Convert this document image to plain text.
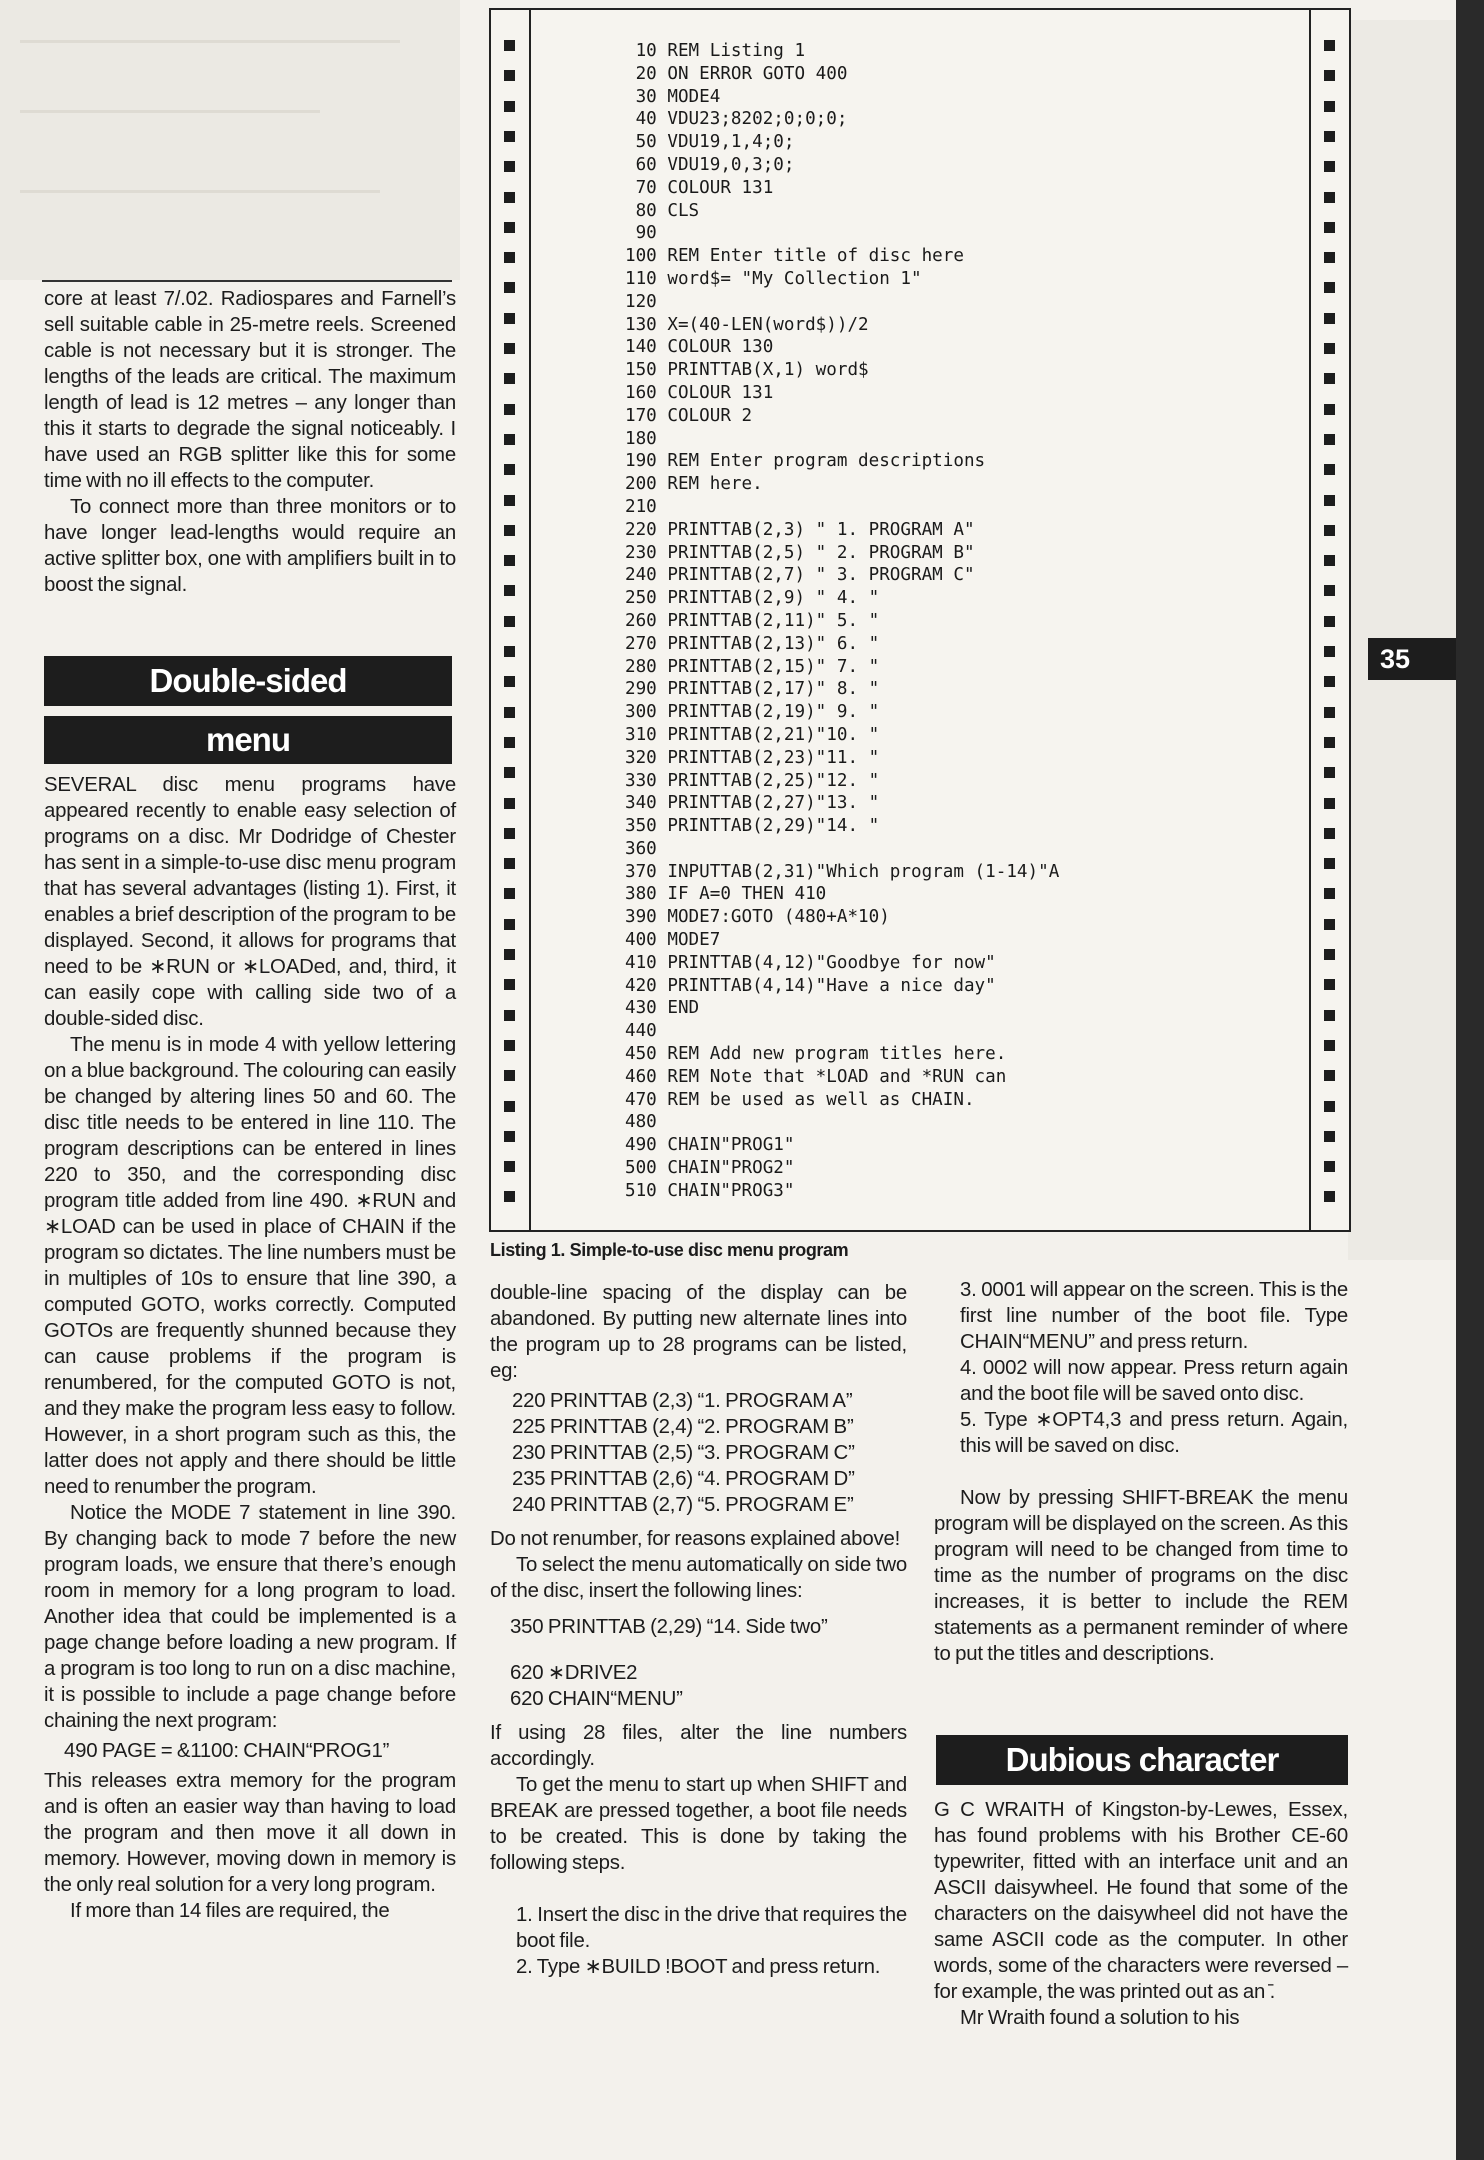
35

core at least 7/.02. Radiospares and Farnell’s sell suitable cable in 25-metre reels. Screened cable is not necessary but it is stronger. The lengths of the leads are critical. The maximum length of lead is 12 metres – any longer than this it starts to degrade the signal noticeably. I have used an RGB splitter like this for some time with no ill effects to the computer.

To connect more than three monitors or to have longer lead-lengths would require an active splitter box, one with amplifiers built in to boost the signal.

Double-sided
menu

SEVERAL disc menu programs have appeared recently to enable easy selection of programs on a disc. Mr Dodridge of Chester has sent in a simple-to-use disc menu program that has several advantages (listing 1). First, it enables a brief description of the program to be displayed. Second, it allows for programs that need to be ∗RUN or ∗LOADed, and, third, it can easily cope with calling side two of a double-sided disc.

The menu is in mode 4 with yellow lettering on a blue background. The colouring can easily be changed by altering lines 50 and 60. The disc title needs to be entered in line 110. The program descriptions can be entered in lines 220 to 350, and the corresponding disc program title added from line 490. ∗RUN and ∗LOAD can be used in place of CHAIN if the program so dictates. The line numbers must be in multiples of 10s to ensure that line 390, a computed GOTO, works correctly. Computed GOTOs are frequently shunned because they can cause problems if the program is renumbered, for the computed GOTO is not, and they make the program less easy to follow. However, in a short program such as this, the latter does not apply and there should be little need to renumber the program.

Notice the MODE 7 statement in line 390. By changing back to mode 7 before the new program loads, we ensure that there’s enough room in memory for a long program to load. Another idea that could be implemented is a page change before loading a new program. If a program is too long to run on a disc machine, it is possible to include a page change before chaining the next program:

490 PAGE = &1100: CHAIN“PROG1”

This releases extra memory for the program and is often an easier way than having to load the program and then move it all down in memory. However, moving down in memory is the only real solution for a very long program.

If more than 14 files are required, the

10 REM Listing 1
20 ON ERROR GOTO 400
30 MODE4
40 VDU23;8202;0;0;0;
50 VDU19,1,4;0;
60 VDU19,0,3;0;
70 COLOUR 131
80 CLS
90
100 REM Enter title of disc here
110 word$= "My Collection 1"
120
130 X=(40-LEN(word$))/2
140 COLOUR 130
150 PRINTTAB(X,1) word$
160 COLOUR 131
170 COLOUR 2
180
190 REM Enter program descriptions
200 REM here.
210
220 PRINTTAB(2,3) " 1. PROGRAM A"
230 PRINTTAB(2,5) " 2. PROGRAM B"
240 PRINTTAB(2,7) " 3. PROGRAM C"
250 PRINTTAB(2,9) " 4. "
260 PRINTTAB(2,11)" 5. "
270 PRINTTAB(2,13)" 6. "
280 PRINTTAB(2,15)" 7. "
290 PRINTTAB(2,17)" 8. "
300 PRINTTAB(2,19)" 9. "
310 PRINTTAB(2,21)"10. "
320 PRINTTAB(2,23)"11. "
330 PRINTTAB(2,25)"12. "
340 PRINTTAB(2,27)"13. "
350 PRINTTAB(2,29)"14. "
360
370 INPUTTAB(2,31)"Which program (1-14)"A
380 IF A=0 THEN 410
390 MODE7:GOTO (480+A*10)
400 MODE7
410 PRINTTAB(4,12)"Goodbye for now"
420 PRINTTAB(4,14)"Have a nice day"
430 END
440
450 REM Add new program titles here.
460 REM Note that *LOAD and *RUN can
470 REM be used as well as CHAIN.
480
490 CHAIN"PROG1"
500 CHAIN"PROG2"
510 CHAIN"PROG3"
Listing 1. Simple-to-use disc menu program

double-line spacing of the display can be abandoned. By putting new alternate lines into the program up to 28 programs can be listed, eg:

220 PRINTTAB (2,3) “1. PROGRAM A”
225 PRINTTAB (2,4) “2. PROGRAM B”
230 PRINTTAB (2,5) “3. PROGRAM C”
235 PRINTTAB (2,6) “4. PROGRAM D”
240 PRINTTAB (2,7) “5. PROGRAM E”

Do not renumber, for reasons explained above!

To select the menu automatically on side two of the disc, insert the following lines:

350 PRINTTAB (2,29) “14. Side two”

620 ∗DRIVE2

620 CHAIN“MENU”

If using 28 files, alter the line numbers accordingly.

To get the menu to start up when SHIFT and BREAK are pressed together, a boot file needs to be created. This is done by taking the following steps.

1. Insert the disc in the drive that requires the boot file.

2. Type ∗BUILD !BOOT and press return.

3. 0001 will appear on the screen. This is the first line number of the boot file. Type CHAIN“MENU” and press return.

4. 0002 will now appear. Press return again and the boot file will be saved onto disc.

5. Type ∗OPT4,3 and press return. Again, this will be saved on disc.

Now by pressing SHIFT-BREAK the menu program will be displayed on the screen. As this program will need to be changed from time to time as the number of programs on the disc increases, it is better to include the REM statements as a permanent reminder of where to put the titles and descriptions.

Dubious character

G C WRAITH of Kingston-by-Lewes, Essex, has found problems with his Brother CE-60 typewriter, fitted with an interface unit and an ASCII daisywheel. He found that some of the characters on the daisywheel did not have the same ASCII code as the computer. In other words, some of the characters were reversed – for example, the was printed out as an ̄.

Mr Wraith found a solution to his
